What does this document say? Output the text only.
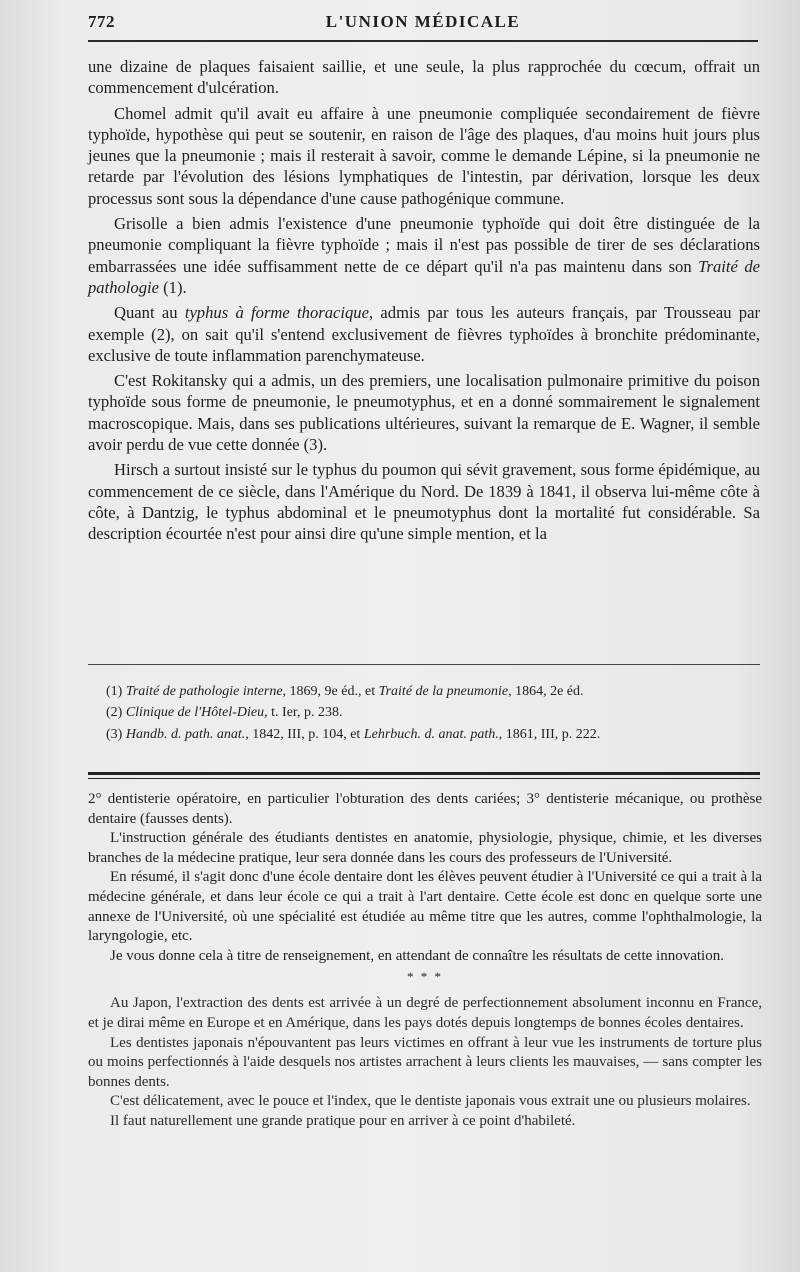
772	L'UNION MÉDICALE

une dizaine de plaques faisaient saillie, et une seule, la plus rapprochée du cœcum, offrait un commencement d'ulcération.

Chomel admit qu'il avait eu affaire à une pneumonie compliquée secondairement de fièvre typhoïde, hypothèse qui peut se soutenir, en raison de l'âge des plaques, d'au moins huit jours plus jeunes que la pneumonie ; mais il resterait à savoir, comme le demande Lépine, si la pneumonie ne retarde par l'évolution des lésions lymphatiques de l'intestin, par dérivation, lorsque les deux processus sont sous la dépendance d'une cause pathogénique commune.

Grisolle a bien admis l'existence d'une pneumonie typhoïde qui doit être distinguée de la pneumonie compliquant la fièvre typhoïde ; mais il n'est pas possible de tirer de ses déclarations embarrassées une idée suffisamment nette de ce départ qu'il n'a pas maintenu dans son Traité de pathologie (1).

Quant au typhus à forme thoracique, admis par tous les auteurs français, par Trousseau par exemple (2), on sait qu'il s'entend exclusivement de fièvres typhoïdes à bronchite prédominante, exclusive de toute inflammation parenchymateuse.

C'est Rokitansky qui a admis, un des premiers, une localisation pulmonaire primitive du poison typhoïde sous forme de pneumonie, le pneumotyphus, et en a donné sommairement le signalement macroscopique. Mais, dans ses publications ultérieures, suivant la remarque de E. Wagner, il semble avoir perdu de vue cette donnée (3).

Hirsch a surtout insisté sur le typhus du poumon qui sévit gravement, sous forme épidémique, au commencement de ce siècle, dans l'Amérique du Nord. De 1839 à 1841, il observa lui-même côte à côte, à Dantzig, le typhus abdominal et le pneumotyphus dont la mortalité fut considérable. Sa description écourtée n'est pour ainsi dire qu'une simple mention, et la

(1) Traité de pathologie interne, 1869, 9e éd., et Traité de la pneumonie, 1864, 2e éd.

(2) Clinique de l'Hôtel-Dieu, t. Ier, p. 238.

(3) Handb. d. path. anat., 1842, III, p. 104, et Lehrbuch. d. anat. path., 1861, III, p. 222.

2° dentisterie opératoire, en particulier l'obturation des dents cariées; 3° dentisterie mécanique, ou prothèse dentaire (fausses dents).

L'instruction générale des étudiants dentistes en anatomie, physiologie, physique, chimie, et les diverses branches de la médecine pratique, leur sera donnée dans les cours des professeurs de l'Université.

En résumé, il s'agit donc d'une école dentaire dont les élèves peuvent étudier à l'Université ce qui a trait à la médecine générale, et dans leur école ce qui a trait à l'art dentaire. Cette école est donc en quelque sorte une annexe de l'Université, où une spécialité est étudiée au même titre que les autres, comme l'ophthalmologie, la laryngologie, etc.

Je vous donne cela à titre de renseignement, en attendant de connaître les résultats de cette innovation.

* * *

Au Japon, l'extraction des dents est arrivée à un degré de perfectionnement absolument inconnu en France, et je dirai même en Europe et en Amérique, dans les pays dotés depuis longtemps de bonnes écoles dentaires.

Les dentistes japonais n'épouvantent pas leurs victimes en offrant à leur vue les instruments de torture plus ou moins perfectionnés à l'aide desquels nos artistes arrachent à leurs clients les mauvaises, — sans compter les bonnes dents.

C'est délicatement, avec le pouce et l'index, que le dentiste japonais vous extrait une ou plusieurs molaires.

Il faut naturellement une grande pratique pour en arriver à ce point d'habileté.
